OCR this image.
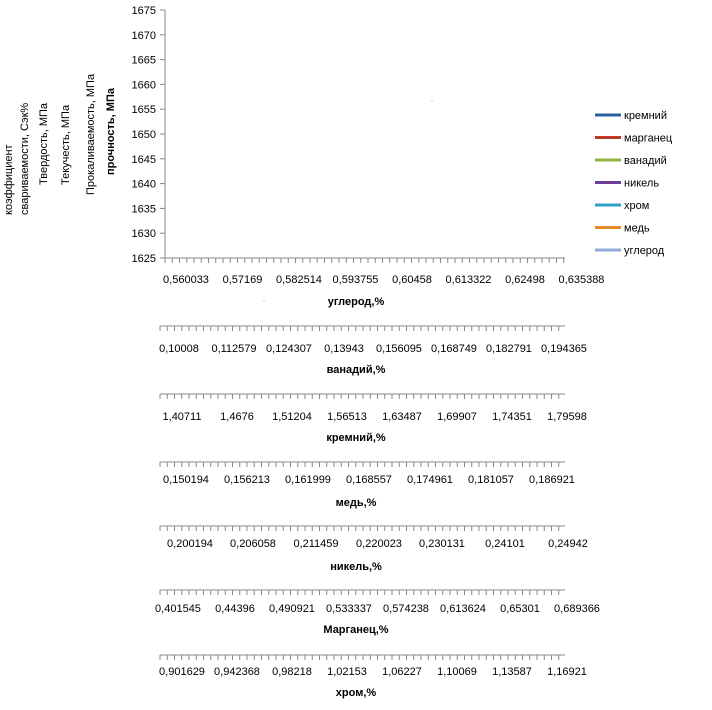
1625
1630
1635
1640
1645
1650
1655
1660
1665
1670
1675
коэффициент свариваемости, Сэк% Твердость, МПа Текучесть, МПа Прокаливаемость, МПа прочность, МПа
0,560033 0,57169 0,582514 0,593755 0,60458 0,613322 0,62498 0,635388
углерод,%
0,10008 0,112579 0,124307 0,13943 0,156095 0,168749 0,182791 0,194365
ванадий,%
1,40711 1,4676 1,51204 1,56513 1,63487 1,69907 1,74351 1,79598
кремний,%
0,150194 0,156213 0,161999 0,168557 0,174961 0,181057 0,186921
медь,%
0,200194 0,206058 0,211459 0,220023 0,230131 0,24101 0,24942
никель,%
0,401545 0,44396 0,490921 0,533337 0,574238 0,613624 0,65301 0,689366
Марганец,%
0,901629 0,942368 0,98218 1,02153 1,06227 1,10069 1,13587 1,16921
хром,%
кремний
марганец
ванадий
никель
хром
медь
углерод
